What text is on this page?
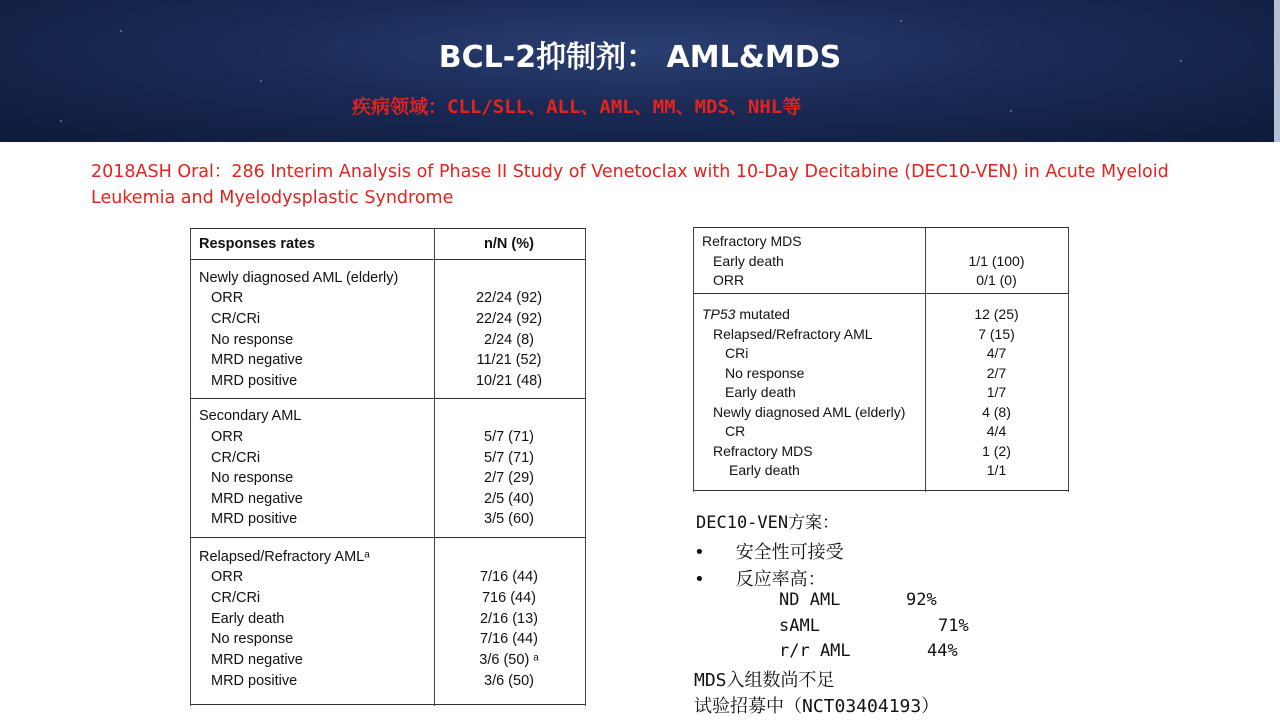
BCL-2抑制剂： AML&MDS
疾病领域：CLL/SLL、ALL、AML、MM、MDS、NHL等
2018ASH Oral：286 Interim Analysis of Phase II Study of Venetoclax with 10-Day Decitabine (DEC10-VEN) in Acute Myeloid Leukemia and Myelodysplastic Syndrome
Responses rates	n/N (%)
Newly diagnosed AML (elderly)
ORR	22/24 (92)
CR/CRi	22/24 (92)
No response	2/24 (8)
MRD negative	11/21 (52)
MRD positive	10/21 (48)
Secondary AML
ORR	5/7 (71)
CR/CRi	5/7 (71)
No response	2/7 (29)
MRD negative	2/5 (40)
MRD positive	3/5 (60)
Relapsed/Refractory AMLᵃ
ORR	7/16 (44)
CR/CRi	716 (44)
Early death	2/16 (13)
No response	7/16 (44)
MRD negative	3/6 (50) ᵃ
MRD positive	3/6 (50)
Refractory MDS
Early death	1/1 (100)
ORR	0/1 (0)
TP53 mutated	12 (25)
Relapsed/Refractory AML	7 (15)
CRi	4/7
No response	2/7
Early death	1/7
Newly diagnosed AML (elderly)	4 (8)
CR	4/4
Refractory MDS	1 (2)
Early death	1/1
DEC10-VEN方案：
• 安全性可接受
• 反应率高：
ND AML	92%
sAML	71%
r/r AML	44%
MDS入组数尚不足
试验招募中（NCT03404193）
